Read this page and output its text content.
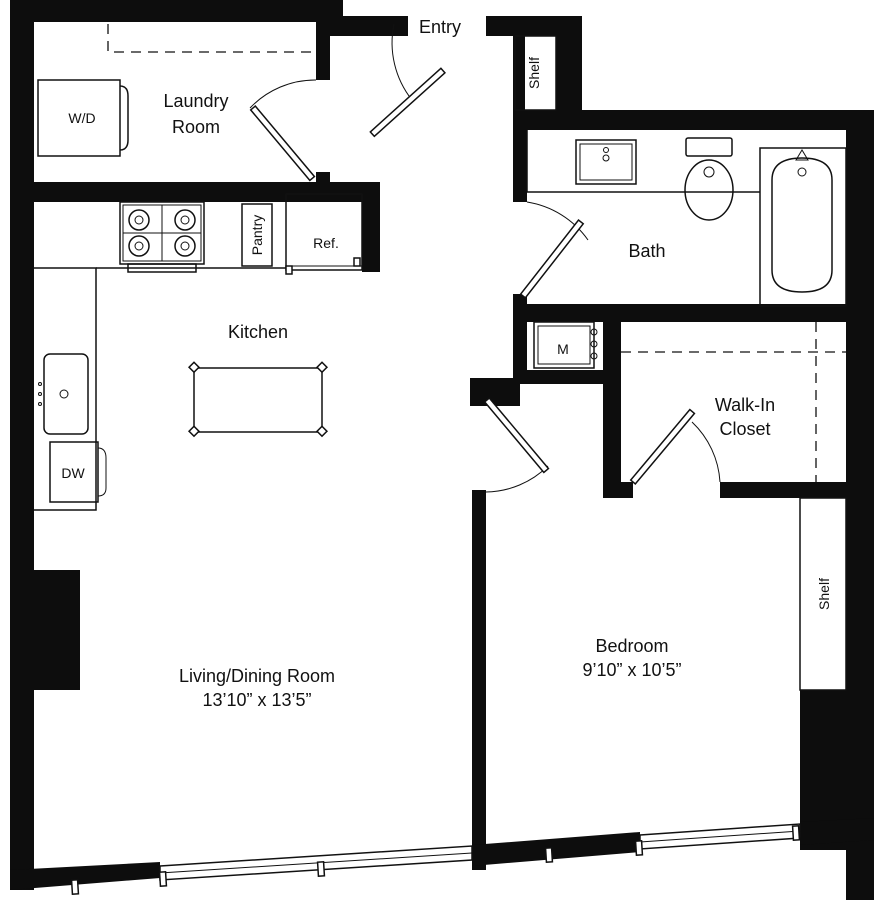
W/D
Shelf
Pantry	Ref.
DW
M
Shelf
Entry
Laundry
Room
Kitchen
Bath
Walk-In
Closet
Living/Dining Room
13’10” x 13’5”
Bedroom
9’10” x 10’5”
